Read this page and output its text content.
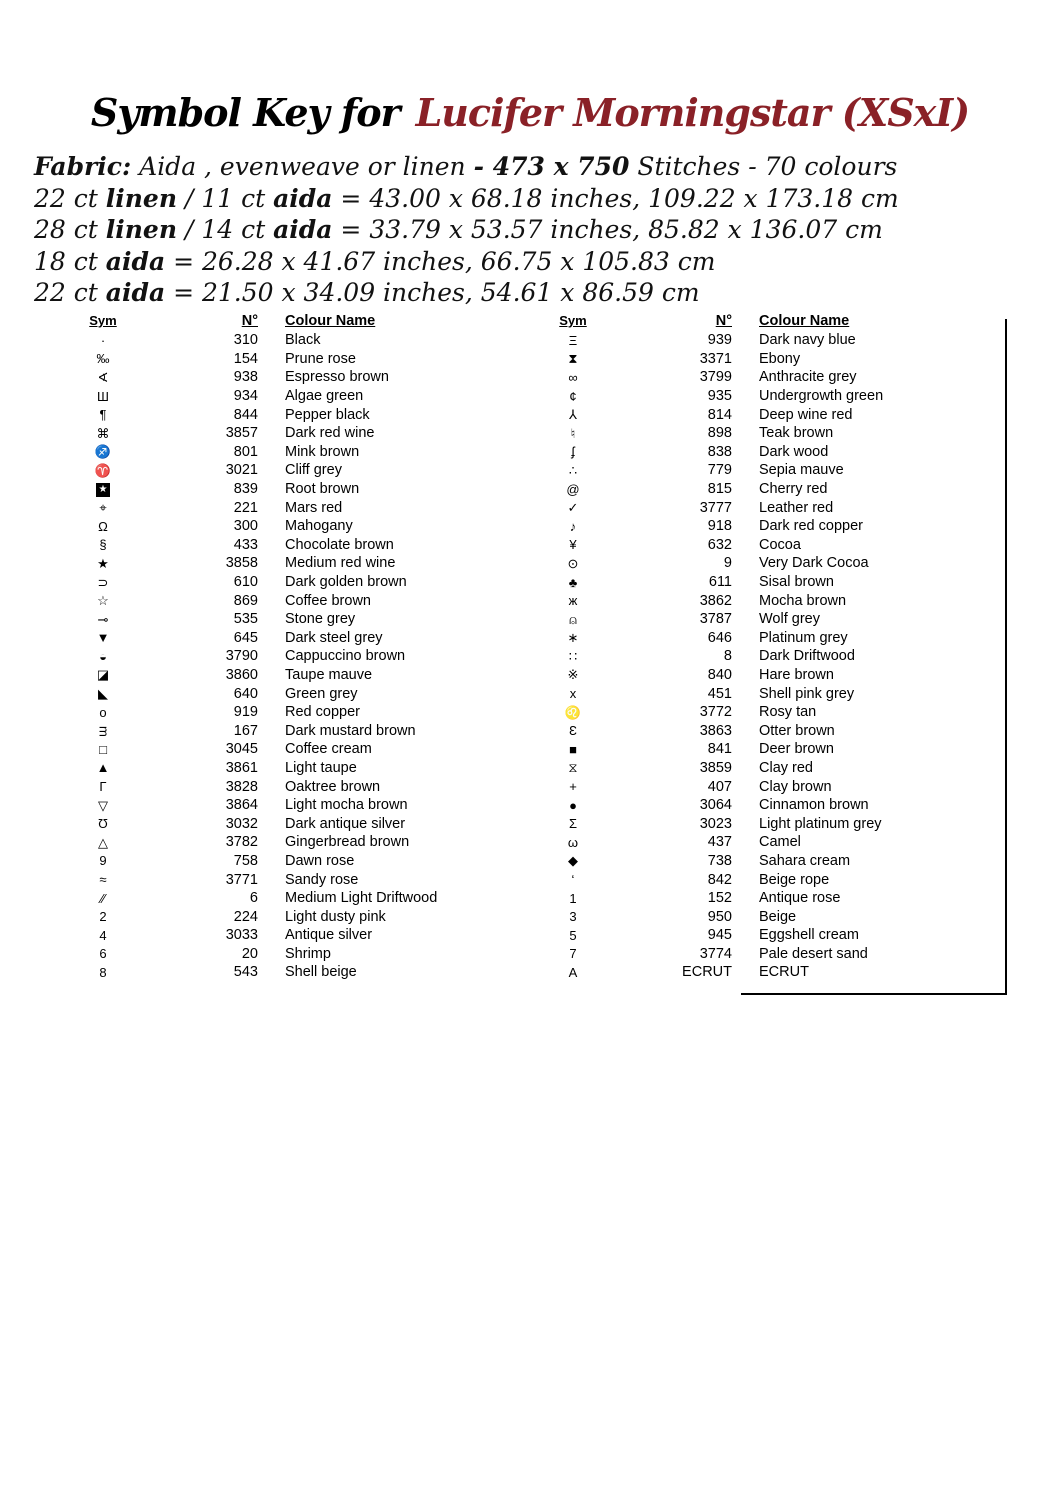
Symbol Key for Lucifer Morningstar (XSxI)
Fabric: Aida , evenweave or linen - 473 x 750 Stitches - 70 colours
22 ct linen / 11 ct aida = 43.00 x 68.18 inches, 109.22 x 173.18 cm
28 ct linen / 14 ct aida = 33.79 x 53.57 inches, 85.82 x 136.07 cm
18 ct aida = 26.28 x 41.67 inches, 66.75 x 105.83 cm
22 ct aida = 21.50 x 34.09 inches, 54.61 x 86.59 cm
Sym	N°	Colour Name
·	310	Black
‰	154	Prune rose
∢	938	Espresso brown
Ш	934	Algae green
¶	844	Pepper black
⌘	3857	Dark red wine
♐	801	Mink brown
♈	3021	Cliff grey
★	839	Root brown
⌖	221	Mars red
Ω	300	Mahogany
§	433	Chocolate brown
★	3858	Medium red wine
⊃	610	Dark golden brown
☆	869	Coffee brown
⊸	535	Stone grey
▼	645	Dark steel grey
◒	3790	Cappuccino brown
◪	3860	Taupe mauve
◣	640	Green grey
o	919	Red copper
ᴟ	167	Dark mustard brown
□	3045	Coffee cream
▲	3861	Light taupe
Γ	3828	Oaktree brown
▽	3864	Light mocha brown
Ʊ	3032	Dark antique silver
△	3782	Gingerbread brown
9	758	Dawn rose
≈	3771	Sandy rose
⁄⁄	6	Medium Light Driftwood
2	224	Light dusty pink
4	3033	Antique silver
6	20	Shrimp
8	543	Shell beige
Sym	N°	Colour Name
Ξ	939	Dark navy blue
⧗	3371	Ebony
∞	3799	Anthracite grey
¢	935	Undergrowth green
⅄	814	Deep wine red
♮	898	Teak brown
ʄ	838	Dark wood
∴	779	Sepia mauve
@	815	Cherry red
✓	3777	Leather red
♪	918	Dark red copper
¥	632	Cocoa
⊙	9	Very Dark Cocoa
♣	611	Sisal brown
ж	3862	Mocha brown
⍝	3787	Wolf grey
∗	646	Platinum grey
∷	8	Dark Driftwood
※	840	Hare brown
x	451	Shell pink grey
♌	3772	Rosy tan
Ɛ	3863	Otter brown
■	841	Deer brown
⧖	3859	Clay red
+	407	Clay brown
●	3064	Cinnamon brown
Σ	3023	Light platinum grey
ω	437	Camel
◆	738	Sahara cream
‘	842	Beige rope
1	152	Antique rose
3	950	Beige
5	945	Eggshell cream
7	3774	Pale desert sand
A	ECRUT	ECRUT
